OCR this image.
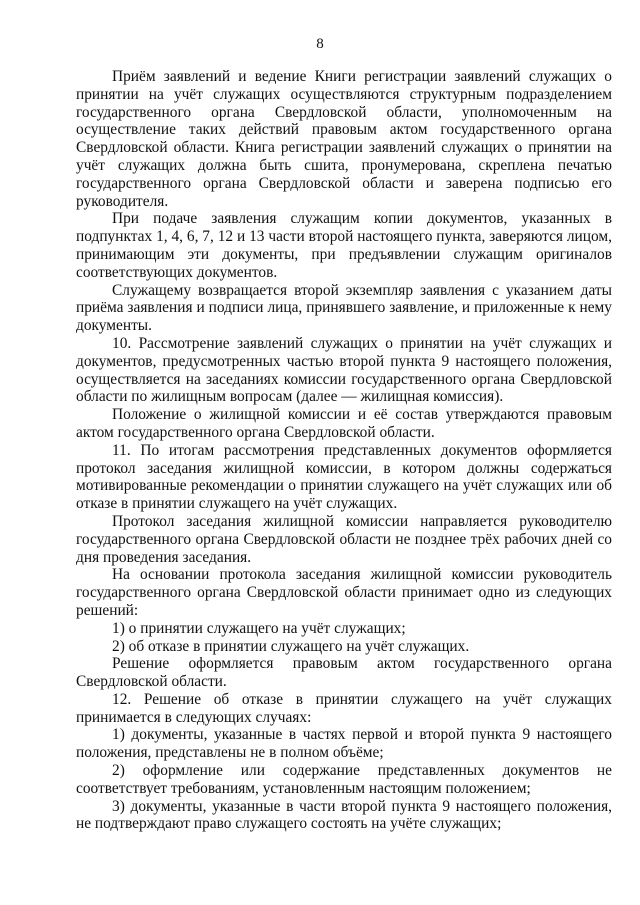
8

Приём заявлений и ведение Книги регистрации заявлений служащих о принятии на учёт служащих осуществляются структурным подразделением государственного органа Свердловской области, уполномоченным на осуществление таких действий правовым актом государственного органа Свердловской области. Книга регистрации заявлений служащих о принятии на учёт служащих должна быть сшита, пронумерована, скреплена печатью государственного органа Свердловской области и заверена подписью его руководителя.

При подаче заявления служащим копии документов, указанных в подпунктах 1, 4, 6, 7, 12 и 13 части второй настоящего пункта, заверяются лицом, принимающим эти документы, при предъявлении служащим оригиналов соответствующих документов.

Служащему возвращается второй экземпляр заявления с указанием даты приёма заявления и подписи лица, принявшего заявление, и приложенные к нему документы.

10. Рассмотрение заявлений служащих о принятии на учёт служащих и документов, предусмотренных частью второй пункта 9 настоящего положения, осуществляется на заседаниях комиссии государственного органа Свердловской области по жилищным вопросам (далее — жилищная комиссия).

Положение о жилищной комиссии и её состав утверждаются правовым актом государственного органа Свердловской области.

11. По итогам рассмотрения представленных документов оформляется протокол заседания жилищной комиссии, в котором должны содержаться мотивированные рекомендации о принятии служащего на учёт служащих или об отказе в принятии служащего на учёт служащих.

Протокол заседания жилищной комиссии направляется руководителю государственного органа Свердловской области не позднее трёх рабочих дней со дня проведения заседания.

На основании протокола заседания жилищной комиссии руководитель государственного органа Свердловской области принимает одно из следующих решений:

1) о принятии служащего на учёт служащих;

2) об отказе в принятии служащего на учёт служащих.

Решение оформляется правовым актом государственного органа Свердловской области.

12. Решение об отказе в принятии служащего на учёт служащих принимается в следующих случаях:

1) документы, указанные в частях первой и второй пункта 9 настоящего положения, представлены не в полном объёме;

2) оформление или содержание представленных документов не соответствует требованиям, установленным настоящим положением;

3) документы, указанные в части второй пункта 9 настоящего положения, не подтверждают право служащего состоять на учёте служащих;
